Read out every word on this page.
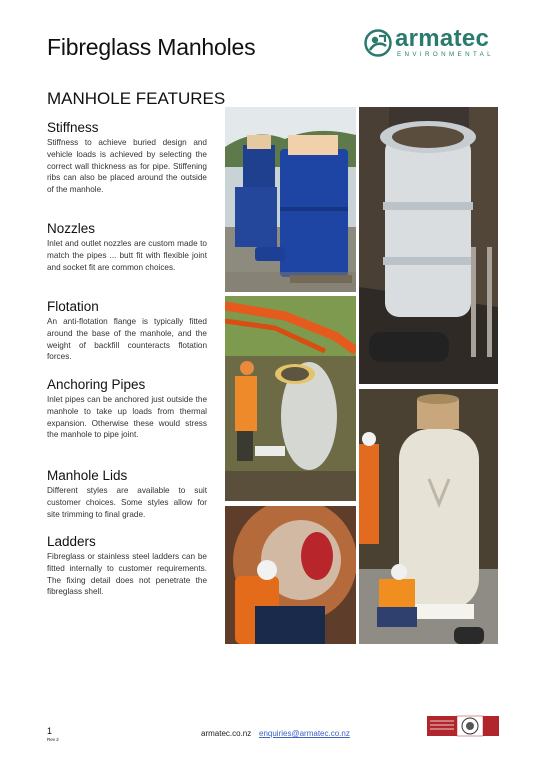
Fibreglass Manholes	armatec
ENVIRONMENTAL
MANHOLE FEATURES
Stiffness

Stiffness to achieve buried design and vehicle loads is achieved by selecting the correct wall thickness as for pipe. Stiffening ribs can also be placed around the outside of the manhole.

Nozzles

Inlet and outlet nozzles are custom made to match the pipes ... butt fit with flexible joint and socket fit are common choices.

Flotation

An anti-flotation flange is typically fitted around the base of the manhole, and the weight of backfill counteracts flotation forces.

Anchoring Pipes

Inlet pipes can be anchored just outside the manhole to take up loads from thermal expansion. Otherwise these would stress the manhole to pipe joint.

Manhole Lids

Different styles are available to suit customer choices. Some styles allow for site trimming to final grade.

Ladders

Fibreglass or stainless steel ladders can be fitted internally to customer requirements. The fixing detail does not penetrate the fibreglass shell.

1
Rev 2
armatec.co.nz enquiries@armatec.co.nz
